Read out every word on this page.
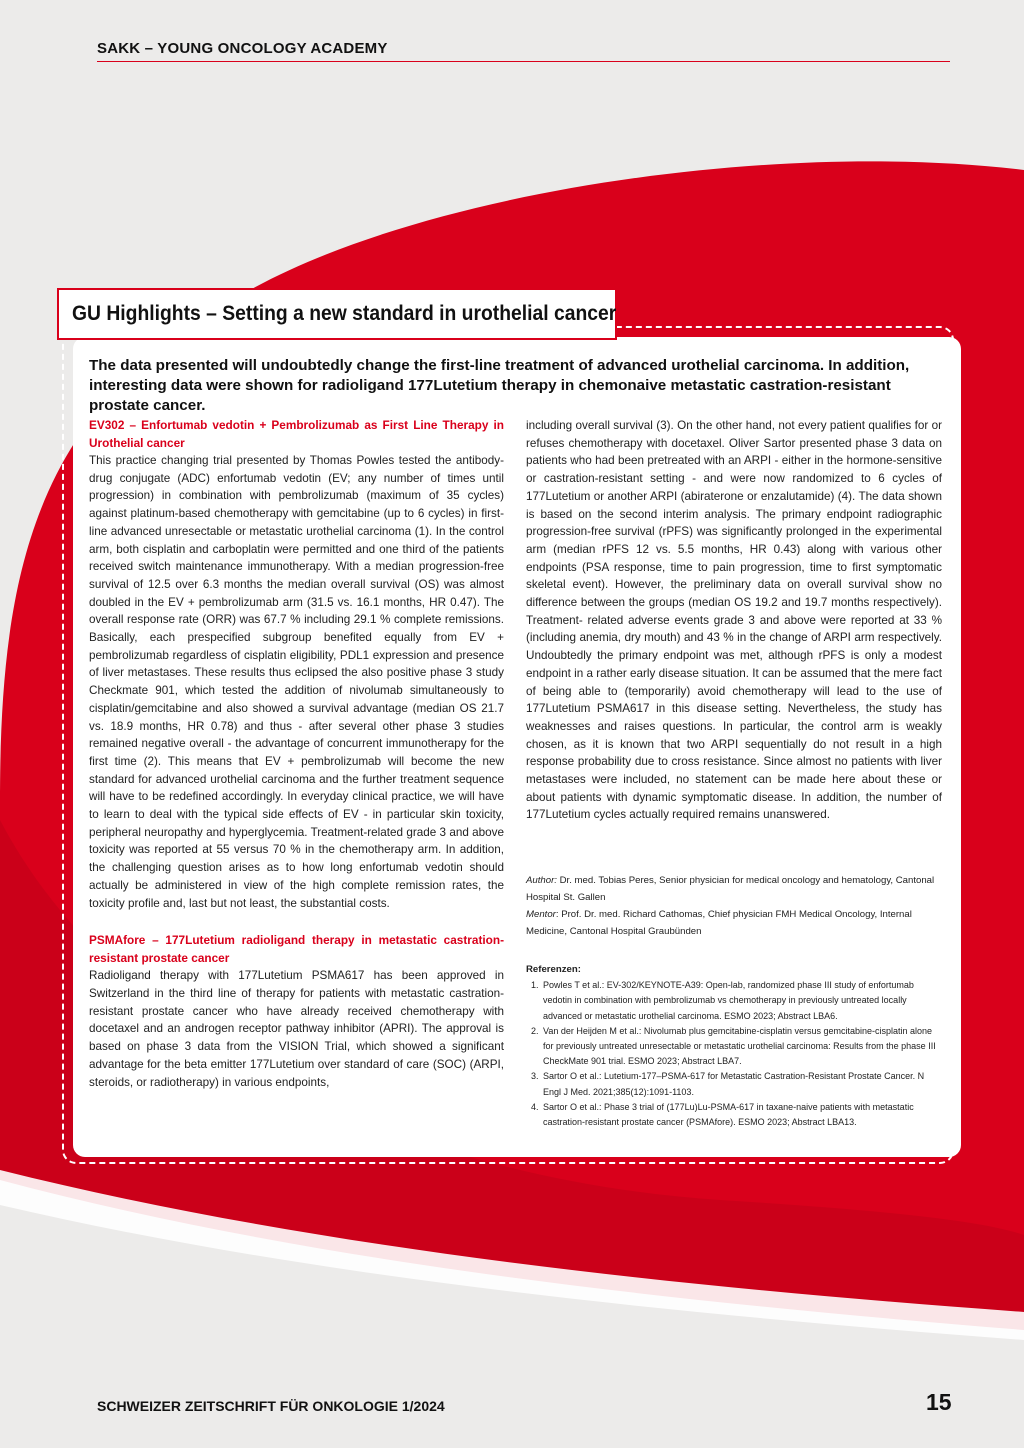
SAKK – YOUNG ONCOLOGY ACADEMY
GU Highlights – Setting a new standard in urothelial cancer
The data presented will undoubtedly change the first-line treatment of advanced urothelial carcinoma. In addition, interesting data were shown for radioligand 177Lutetium therapy in chemonaive metastatic castration-resistant prostate cancer.

EV302 – Enfortumab vedotin + Pembrolizumab as First Line Therapy in Urothelial cancer

This practice changing trial presented by Thomas Powles tested the antibody-drug conjugate (ADC) enfortumab vedotin (EV; any number of times until progression) in combination with pembrolizumab (maximum of 35 cycles) against platinum-based chemotherapy with gemcitabine (up to 6 cycles) in first-line advanced unresectable or metastatic urothelial carcinoma (1). In the control arm, both cisplatin and carboplatin were permitted and one third of the patients received switch maintenance immunotherapy. With a median progression-free survival of 12.5 over 6.3 months the median overall survival (OS) was almost doubled in the EV + pembrolizumab arm (31.5 vs. 16.1 months, HR 0.47). The overall response rate (ORR) was 67.7 % including 29.1 % complete remissions. Basically, each prespecified subgroup benefited equally from EV + pembrolizumab regardless of cisplatin eligibility, PDL1 expression and presence of liver metastases. These results thus eclipsed the also positive phase 3 study Checkmate 901, which tested the addition of nivolumab simultaneously to cisplatin/gemcitabine and also showed a survival advantage (median OS 21.7 vs. 18.9 months, HR 0.78) and thus - after several other phase 3 studies remained negative overall - the advantage of concurrent immunotherapy for the first time (2). This means that EV + pembrolizumab will become the new standard for advanced urothelial carcinoma and the further treatment sequence will have to be redefined accordingly. In everyday clinical practice, we will have to learn to deal with the typical side effects of EV - in particular skin toxicity, peripheral neuropathy and hyperglycemia. Treatment-related grade 3 and above toxicity was reported at 55 versus 70 % in the chemotherapy arm. In addition, the challenging question arises as to how long enfortumab vedotin should actually be administered in view of the high complete remission rates, the toxicity profile and, last but not least, the substantial costs.

PSMAfore – 177Lutetium radioligand therapy in metastatic castration-resistant prostate cancer

Radioligand therapy with 177Lutetium PSMA617 has been approved in Switzerland in the third line of therapy for patients with metastatic castration-resistant prostate cancer who have already received chemotherapy with docetaxel and an androgen receptor pathway inhibitor (APRI). The approval is based on phase 3 data from the VISION Trial, which showed a significant advantage for the beta emitter 177Lutetium over standard of care (SOC) (ARPI, steroids, or radiotherapy) in various endpoints,

including overall survival (3). On the other hand, not every patient qualifies for or refuses chemotherapy with docetaxel. Oliver Sartor presented phase 3 data on patients who had been pretreated with an ARPI - either in the hormone-sensitive or castration-resistant setting - and were now randomized to 6 cycles of 177Lutetium or another ARPI (abiraterone or enzalutamide) (4). The data shown is based on the second interim analysis. The primary endpoint radiographic progression-free survival (rPFS) was significantly prolonged in the experimental arm (median rPFS 12 vs. 5.5 months, HR 0.43) along with various other endpoints (PSA response, time to pain progression, time to first symptomatic skeletal event). However, the preliminary data on overall survival show no difference between the groups (median OS 19.2 and 19.7 months respectively). Treatment- related adverse events grade 3 and above were reported at 33 % (including anemia, dry mouth) and 43 % in the change of ARPI arm respectively. Undoubtedly the primary endpoint was met, although rPFS is only a modest endpoint in a rather early disease situation. It can be assumed that the mere fact of being able to (temporarily) avoid chemotherapy will lead to the use of 177Lutetium PSMA617 in this disease setting. Nevertheless, the study has weaknesses and raises questions. In particular, the control arm is weakly chosen, as it is known that two ARPI sequentially do not result in a high response probability due to cross resistance. Since almost no patients with liver metastases were included, no statement can be made here about these or about patients with dynamic symptomatic disease. In addition, the number of 177Lutetium cycles actually required remains unanswered.

Author: Dr. med. Tobias Peres, Senior physician for medical oncology and hematology, Cantonal Hospital St. Gallen

Mentor: Prof. Dr. med. Richard Cathomas, Chief physician FMH Medical Oncology, Internal Medicine, Cantonal Hospital Graubünden

Referenzen:
1. Powles T et al.: EV-302/KEYNOTE-A39: Open-lab, randomized phase III study of enfortumab vedotin in combination with pembrolizumab vs chemotherapy in previously untreated locally advanced or metastatic urothelial carcinoma. ESMO 2023; Abstract LBA6.
2. Van der Heijden M et al.: Nivolumab plus gemcitabine-cisplatin versus gemcitabine-cisplatin alone for previously untreated unresectable or metastatic urothelial carcinoma: Results from the phase III CheckMate 901 trial. ESMO 2023; Abstract LBA7.
3. Sartor O et al.: Lutetium-177–PSMA-617 for Metastatic Castration-Resistant Prostate Cancer. N Engl J Med. 2021;385(12):1091-1103.
4. Sartor O et al.: Phase 3 trial of (177Lu)Lu-PSMA-617 in taxane-naive patients with metastatic castration-resistant prostate cancer (PSMAfore). ESMO 2023; Abstract LBA13.
SCHWEIZER ZEITSCHRIFT FÜR ONKOLOGIE 1/2024	15
